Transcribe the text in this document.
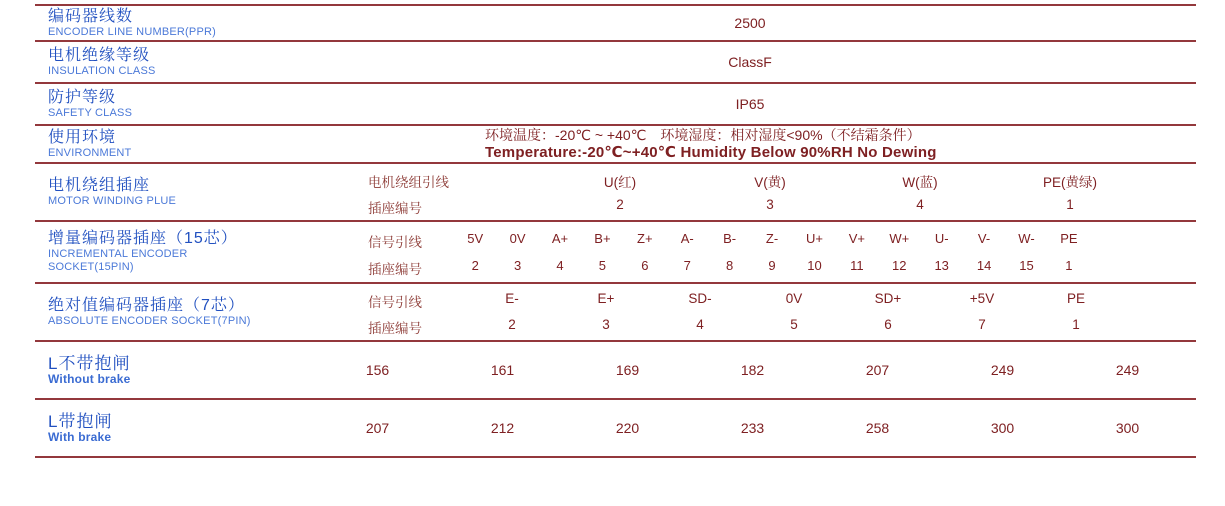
编码器线数
ENCODER LINE NUMBER(PPR)
2500
电机绝缘等级
INSULATION CLASS
ClassF
防护等级
SAFETY CLASS
IP65
使用环境
ENVIRONMENT
环境温度：-20℃ ~ +40℃　环境湿度：相对湿度<90%（不结霜条件）
Temperature:-20℃~+40℃ Humidity Below 90%RH No Dewing
电机绕组插座
MOTOR WINDING PLUE
电机绕组引线	U(红)	V(黄)	W(蓝)	PE(黄绿)
插座编号	2	3	4	1
增量编码器插座（15芯）
INCREMENTAL ENCODER
SOCKET(15PIN)
信号引线	5V	0V	A+	B+	Z+	A-	B-	Z-	U+	V+	W+	U-	V-	W-	PE
插座编号	2	3	4	5	6	7	8	9	10	11	12	13	14	15	1
绝对值编码器插座（7芯）
ABSOLUTE ENCODER SOCKET(7PIN)
信号引线	E-	E+	SD-	0V	SD+	+5V	PE
插座编号	2	3	4	5	6	7	1
L不带抱闸
Without brake
156	161	169	182	207	249	249
L带抱闸
With brake
207	212	220	233	258	300	300
